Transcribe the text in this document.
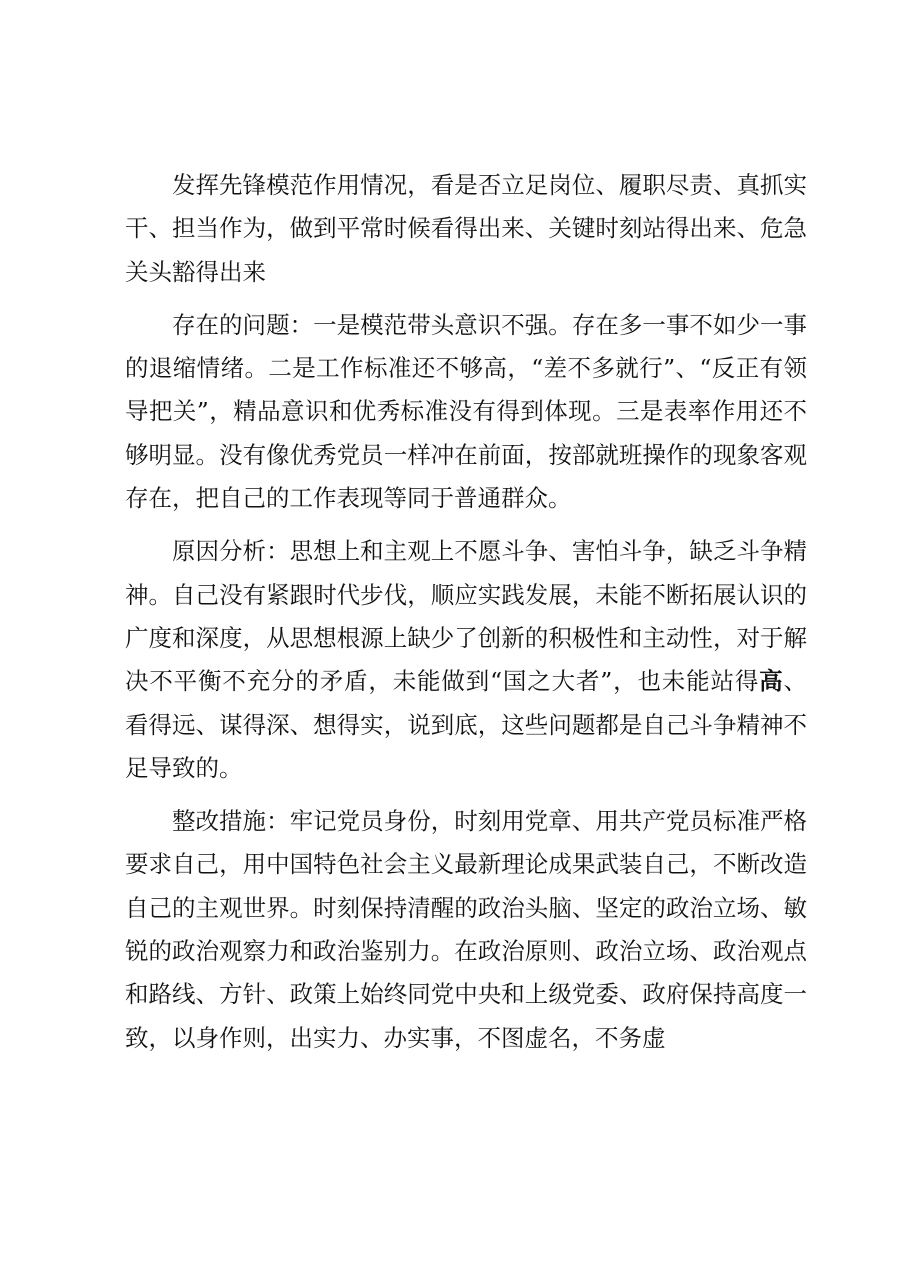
发挥先锋模范作用情况，看是否立足岗位、履职尽责、真抓实干、担当作为，做到平常时候看得出来、关键时刻站得出来、危急关头豁得出来

存在的问题：一是模范带头意识不强。存在多一事不如少一事的退缩情绪。二是工作标准还不够高，“差不多就行”、“反正有领导把关”，精品意识和优秀标准没有得到体现。三是表率作用还不够明显。没有像优秀党员一样冲在前面，按部就班操作的现象客观存在，把自己的工作表现等同于普通群众。

原因分析：思想上和主观上不愿斗争、害怕斗争，缺乏斗争精神。自己没有紧跟时代步伐，顺应实践发展，未能不断拓展认识的广度和深度，从思想根源上缺少了创新的积极性和主动性，对于解决不平衡不充分的矛盾，未能做到“国之大者”，也未能站得高、看得远、谋得深、想得实，说到底，这些问题都是自己斗争精神不足导致的。

整改措施：牢记党员身份，时刻用党章、用共产党员标准严格要求自己，用中国特色社会主义最新理论成果武装自己，不断改造自己的主观世界。时刻保持清醒的政治头脑、坚定的政治立场、敏锐的政治观察力和政治鉴别力。在政治原则、政治立场、政治观点和路线、方针、政策上始终同党中央和上级党委、政府保持高度一致，以身作则，出实力、办实事，不图虚名，不务虚
